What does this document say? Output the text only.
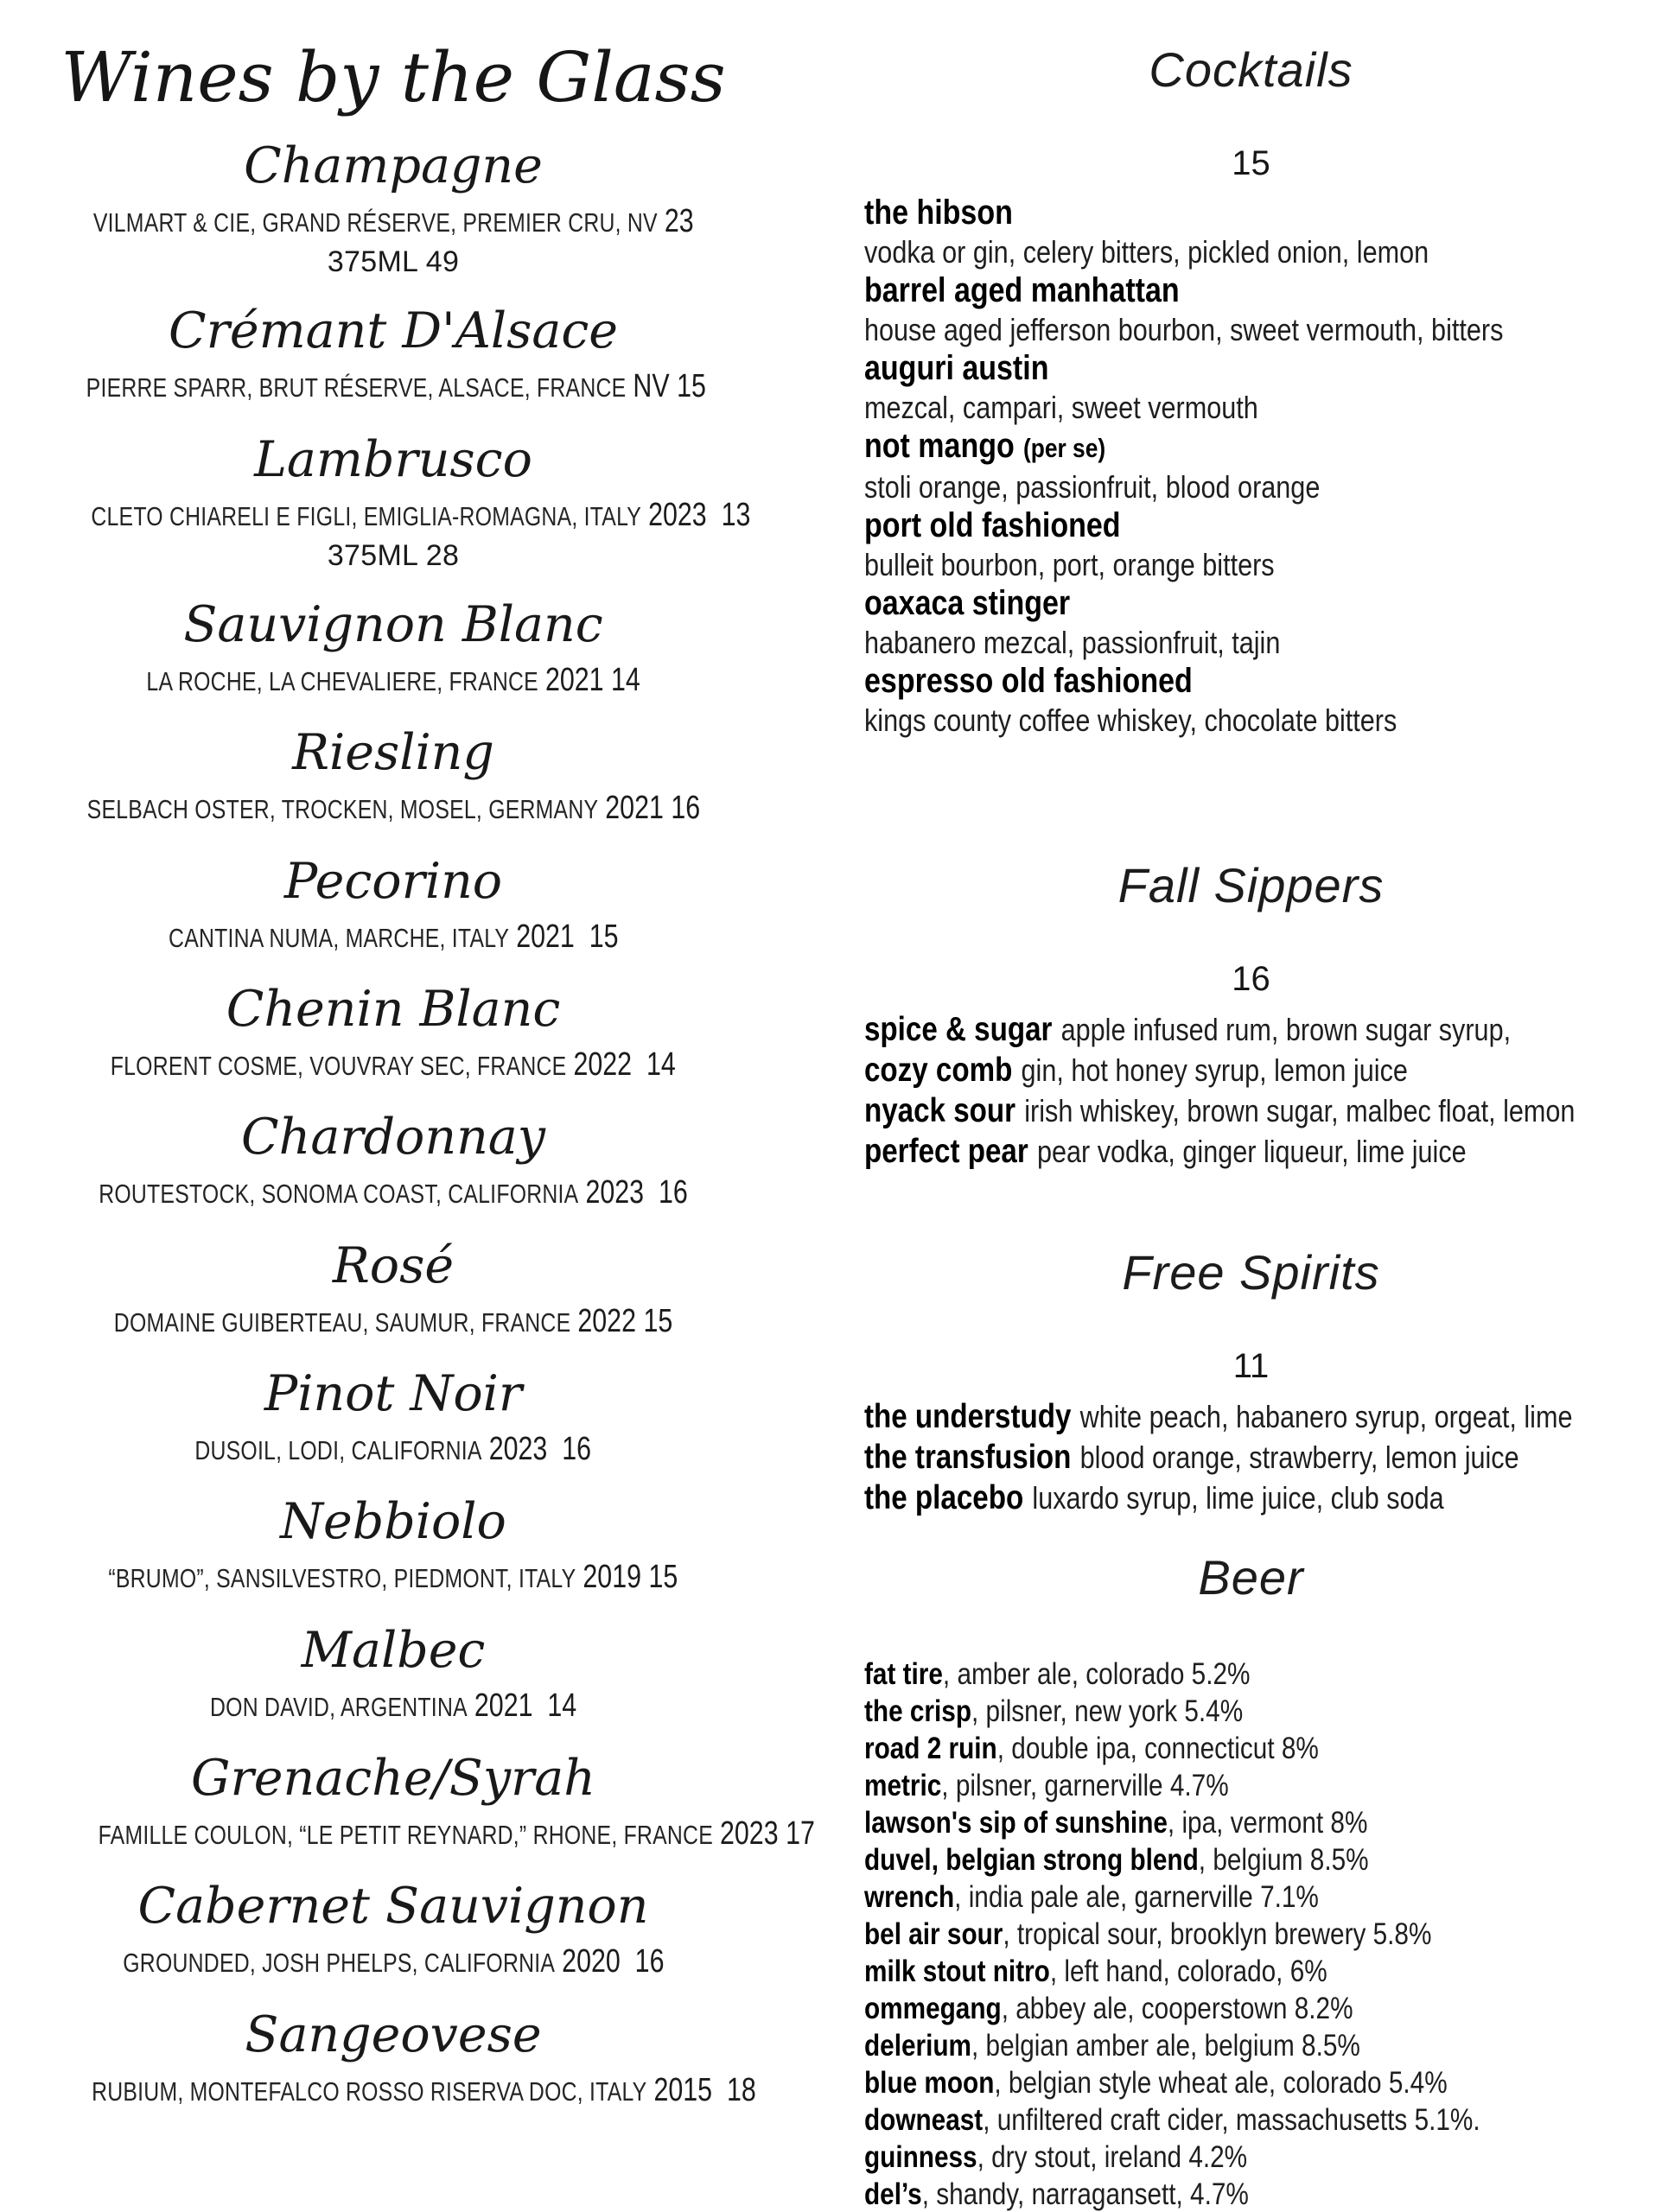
Wines by the Glass
Champagne
VILMART & CIE, GRAND RÉSERVE, PREMIER CRU, NV 23
375ML 49
Crémant D'Alsace
PIERRE SPARR, BRUT RÉSERVE, ALSACE, FRANCE NV 15
Lambrusco
CLETO CHIARELI E FIGLI, EMIGLIA-ROMAGNA, ITALY 2023  13
375ML 28
Sauvignon Blanc
LA ROCHE, LA CHEVALIERE, FRANCE 2021 14
Riesling
SELBACH OSTER, TROCKEN, MOSEL, GERMANY 2021 16
Pecorino
CANTINA NUMA, MARCHE, ITALY 2021  15
Chenin Blanc
FLORENT COSME, VOUVRAY SEC, FRANCE 2022  14
Chardonnay
ROUTESTOCK, SONOMA COAST, CALIFORNIA 2023  16
Rosé
DOMAINE GUIBERTEAU, SAUMUR, FRANCE 2022 15
Pinot Noir
DUSOIL, LODI, CALIFORNIA 2023  16
Nebbiolo
“BRUMO”, SANSILVESTRO, PIEDMONT, ITALY 2019 15
Malbec
DON DAVID, ARGENTINA 2021  14
Grenache/Syrah
FAMILLE COULON, “LE PETIT REYNARD,” RHONE, FRANCE 2023 17
Cabernet Sauvignon
GROUNDED, JOSH PHELPS, CALIFORNIA 2020  16
Sangeovese
RUBIUM, MONTEFALCO ROSSO RISERVA DOC, ITALY 2015  18
Cocktails
15
the hibson
vodka or gin, celery bitters, pickled onion, lemon
barrel aged manhattan
house aged jefferson bourbon, sweet vermouth, bitters
auguri austin
mezcal, campari, sweet vermouth
not mango (per se)
stoli orange, passionfruit, blood orange
port old fashioned
bulleit bourbon, port, orange bitters
oaxaca stinger
habanero mezcal, passionfruit, tajin
espresso old fashioned
kings county coffee whiskey, chocolate bitters
Fall Sippers
16
spice & sugar apple infused rum, brown sugar syrup,
cozy comb gin, hot honey syrup, lemon juice
nyack sour irish whiskey, brown sugar, malbec float, lemon
perfect pear pear vodka, ginger liqueur, lime juice
Free Spirits
11
the understudy white peach, habanero syrup, orgeat, lime
the transfusion blood orange, strawberry, lemon juice
the placebo luxardo syrup, lime juice, club soda
Beer
fat tire, amber ale, colorado 5.2%
the crisp, pilsner, new york 5.4%
road 2 ruin, double ipa, connecticut 8%
metric, pilsner, garnerville 4.7%
lawson's sip of sunshine, ipa, vermont 8%
duvel, belgian strong blend, belgium 8.5%
wrench, india pale ale, garnerville 7.1%
bel air sour, tropical sour, brooklyn brewery 5.8%
milk stout nitro, left hand, colorado, 6%
ommegang, abbey ale, cooperstown 8.2%
delerium, belgian amber ale, belgium 8.5%
blue moon, belgian style wheat ale, colorado 5.4%
downeast, unfiltered craft cider, massachusetts 5.1%.
guinness, dry stout, ireland 4.2%
del’s, shandy, narragansett, 4.7%
